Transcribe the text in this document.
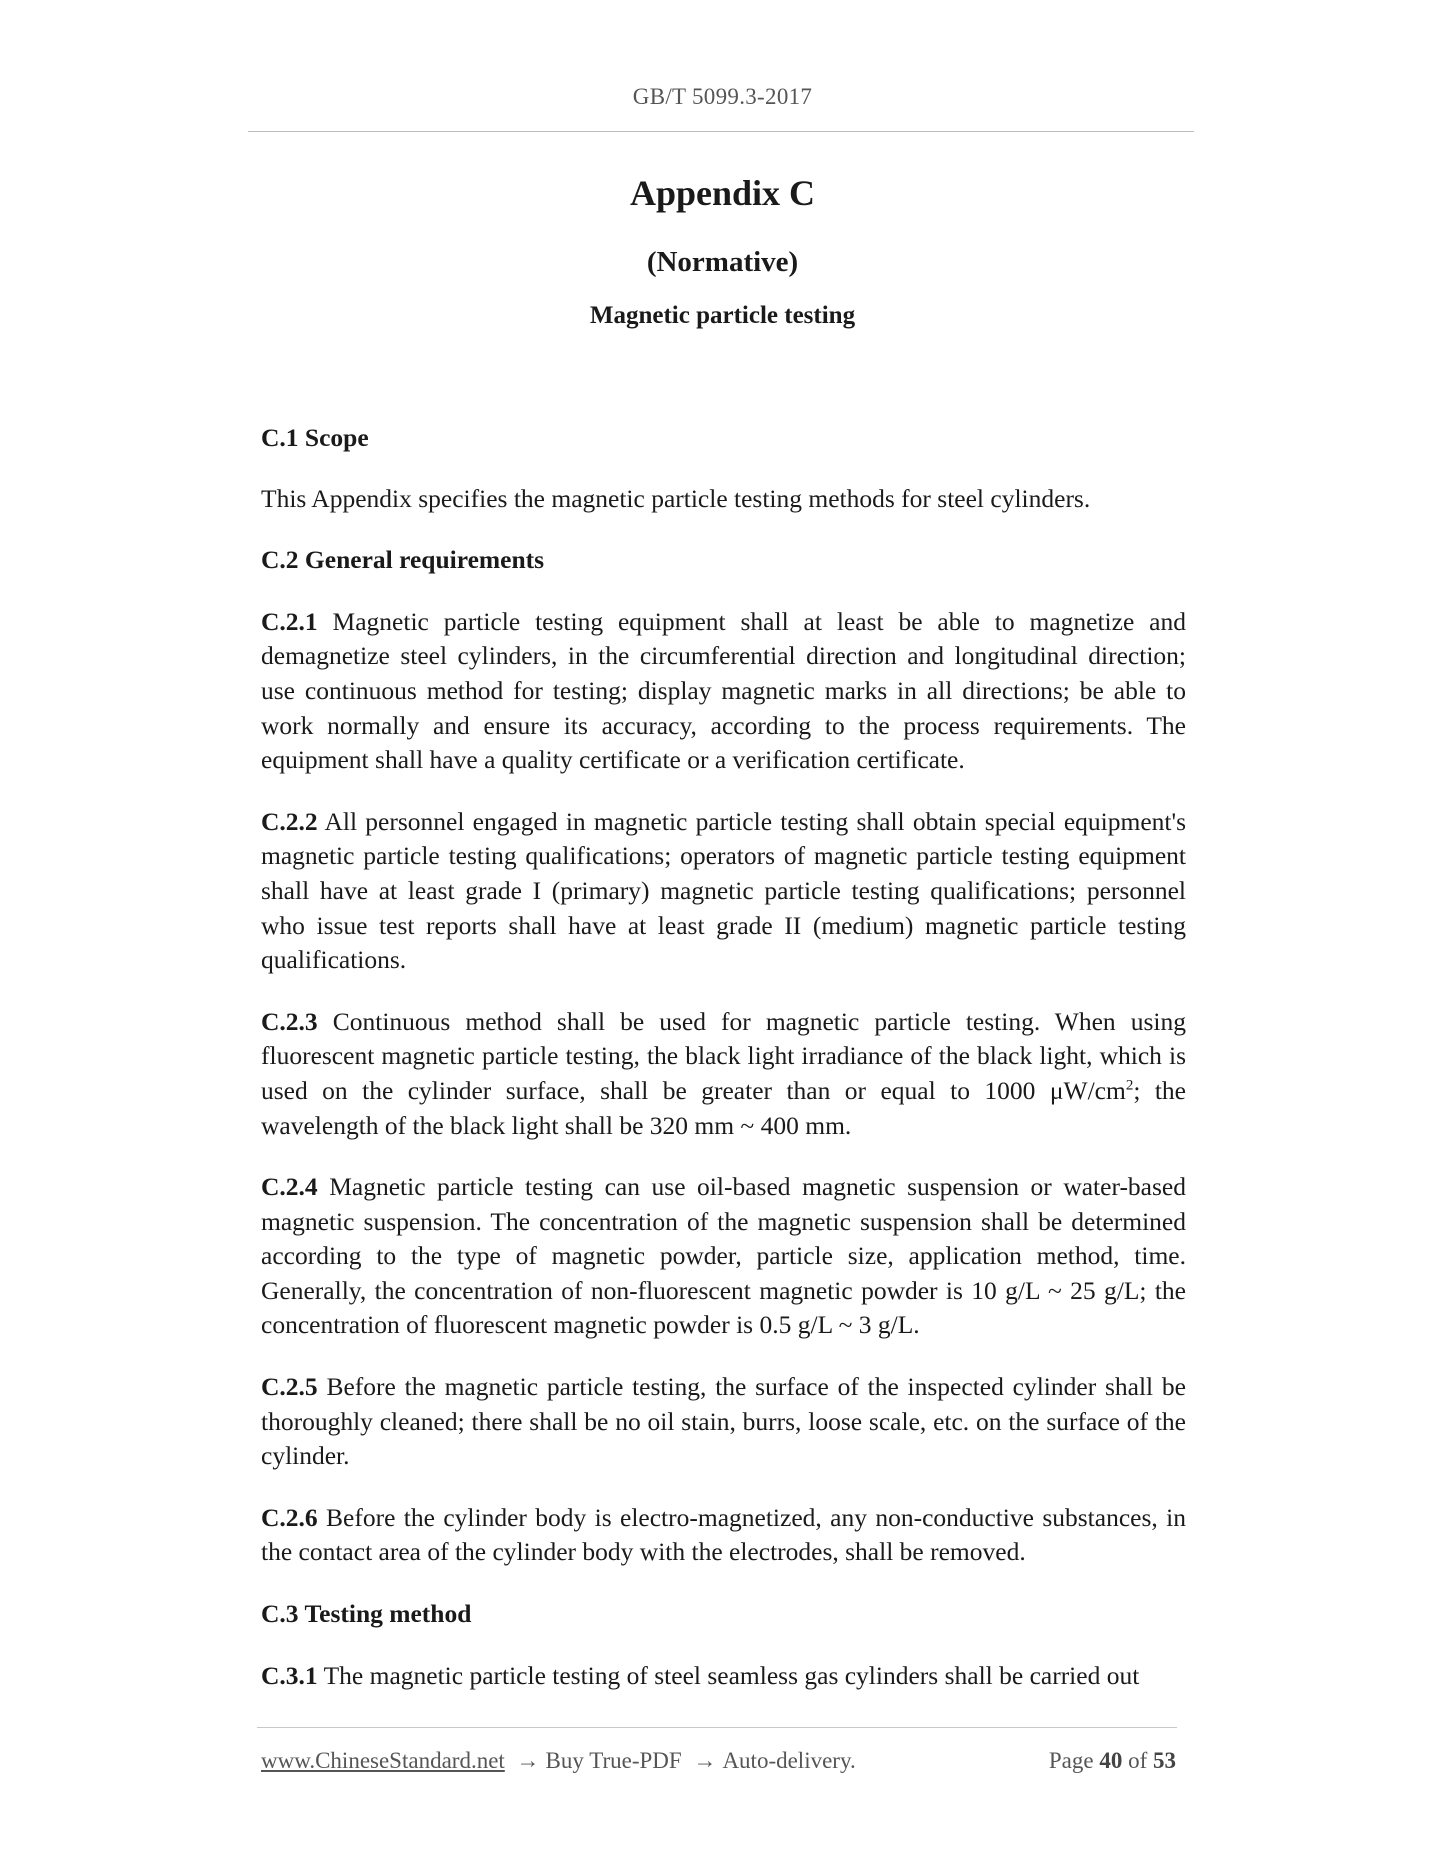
GB/T 5099.3-2017
Appendix C
(Normative)
Magnetic particle testing
C.1 Scope

This Appendix specifies the magnetic particle testing methods for steel cylinders.

C.2 General requirements

C.2.1 Magnetic particle testing equipment shall at least be able to magnetize and demagnetize steel cylinders, in the circumferential direction and longitudinal direction; use continuous method for testing; display magnetic marks in all directions; be able to work normally and ensure its accuracy, according to the process requirements. The equipment shall have a quality certificate or a verification certificate.

C.2.2 All personnel engaged in magnetic particle testing shall obtain special equipment's magnetic particle testing qualifications; operators of magnetic particle testing equipment shall have at least grade I (primary) magnetic particle testing qualifications; personnel who issue test reports shall have at least grade II (medium) magnetic particle testing qualifications.

C.2.3 Continuous method shall be used for magnetic particle testing. When using fluorescent magnetic particle testing, the black light irradiance of the black light, which is used on the cylinder surface, shall be greater than or equal to 1000 $\mu W/cm^2$; the wavelength of the black light shall be 320 mm ~ 400 mm.

C.2.4 Magnetic particle testing can use oil-based magnetic suspension or water-based magnetic suspension. The concentration of the magnetic suspension shall be determined according to the type of magnetic powder, particle size, application method, time. Generally, the concentration of non-fluorescent magnetic powder is 10 g/L ~ 25 g/L; the concentration of fluorescent magnetic powder is 0.5 g/L ~ 3 g/L.

C.2.5 Before the magnetic particle testing, the surface of the inspected cylinder shall be thoroughly cleaned; there shall be no oil stain, burrs, loose scale, etc. on the surface of the cylinder.

C.2.6 Before the cylinder body is electro-magnetized, any non-conductive substances, in the contact area of the cylinder body with the electrodes, shall be removed.

C.3 Testing method

C.3.1 The magnetic particle testing of steel seamless gas cylinders shall be carried out

www.ChineseStandard.net → Buy True-PDF → Auto-delivery.	Page 40 of 53
